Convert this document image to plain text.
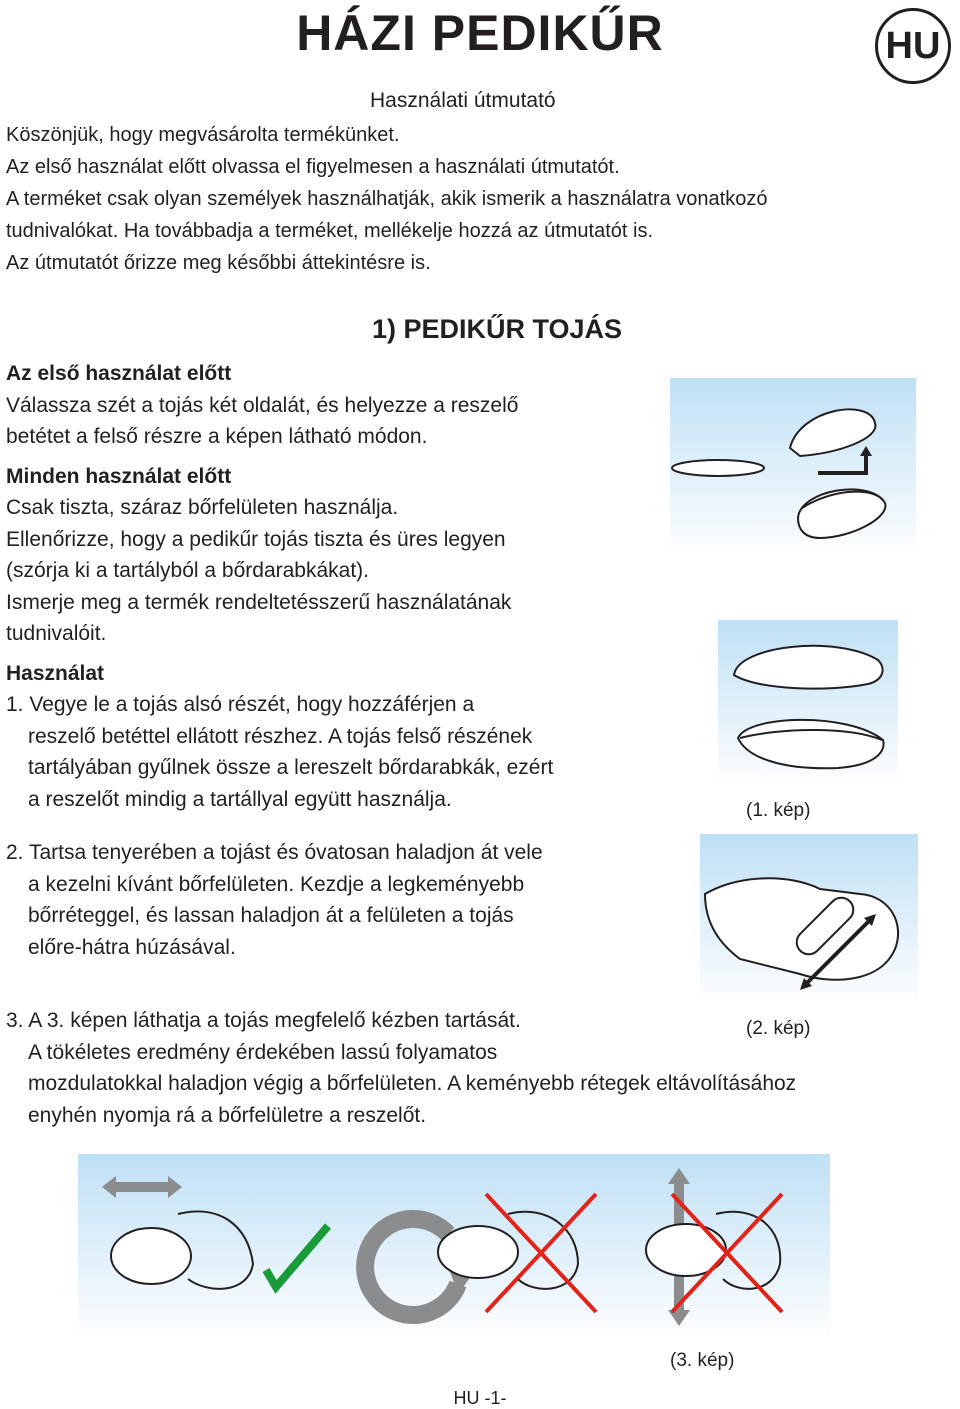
HÁZI PEDIKŰR	HU
Használati útmutató
Köszönjük, hogy megvásárolta termékünket.
Az első használat előtt olvassa el figyelmesen a használati útmutatót.
A terméket csak olyan személyek használhatják, akik ismerik a használatra vonatkozó
tudnivalókat. Ha továbbadja a terméket, mellékelje hozzá az útmutatót is.
Az útmutatót őrizze meg későbbi áttekintésre is.
1) PEDIKŰR TOJÁS
Az első használat előtt
Válassza szét a tojás két oldalát, és helyezze a reszelő
betétet a felső részre a képen látható módon.
Minden használat előtt
Csak tiszta, száraz bőrfelületen használja.
Ellenőrizze, hogy a pedikűr tojás tiszta és üres legyen
(szórja ki a tartályból a bőrdarabkákat).
Ismerje meg a termék rendeltetésszerű használatának
tudnivalóit.
Használat
1. Vegye le a tojás alsó részét, hogy hozzáférjen a
reszelő betéttel ellátott részhez. A tojás felső részének
tartályában gyűlnek össze a lereszelt bőrdarabkák, ezért
a reszelőt mindig a tartállyal együtt használja.
2. Tartsa tenyerében a tojást és óvatosan haladjon át vele
a kezelni kívánt bőrfelületen. Kezdje a legkeményebb
bőrréteggel, és lassan haladjon át a felületen a tojás
előre-hátra húzásával.
3. A 3. képen láthatja a tojás megfelelő kézben tartását.
A tökéletes eredmény érdekében lassú folyamatos
mozdulatokkal haladjon végig a bőrfelületen. A keményebb rétegek eltávolításához
enyhén nyomja rá a bőrfelületre a reszelőt.
(1. kép)
(2. kép)
(3. kép)
HU -1-
